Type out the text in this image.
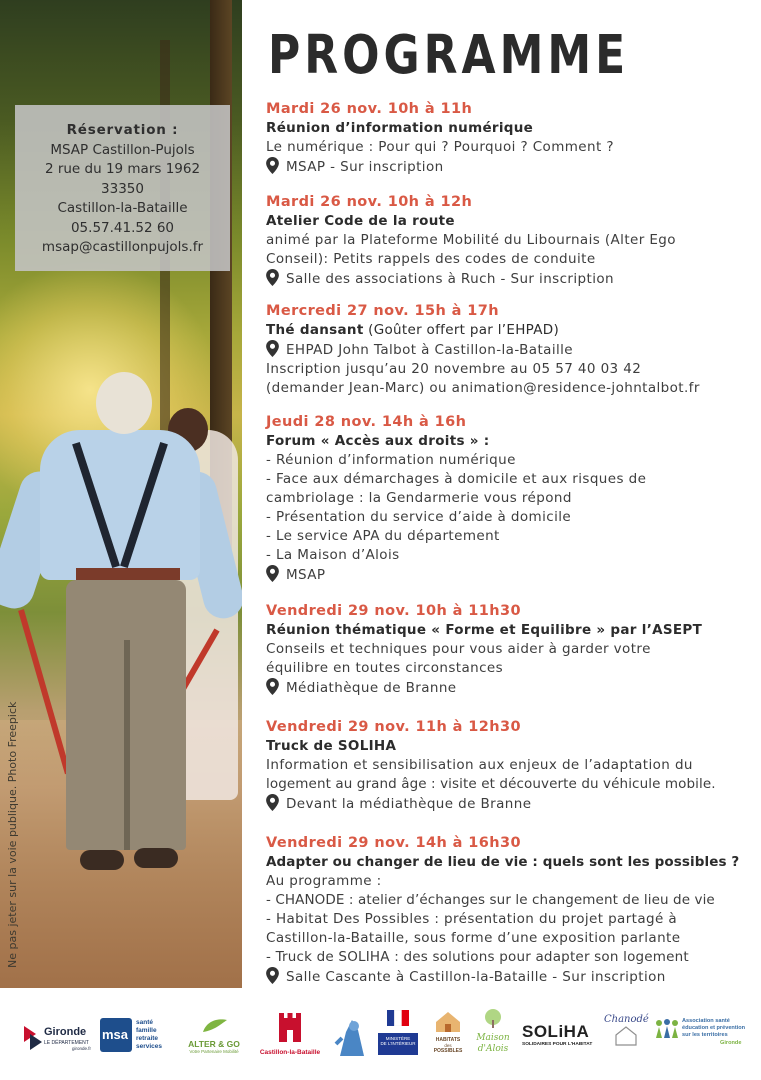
Ne pas jeter sur la voie publique. Photo Freepick
Réservation :
MSAP Castillon-Pujols
2 rue du 19 mars 1962
33350
Castillon-la-Bataille
05.57.41.52 60
msap@castillonpujols.fr
PROGRAMME
Mardi 26 nov. 10h à 11h
Réunion d’information numérique
Le numérique : Pour qui ? Pourquoi ? Comment ?
MSAP - Sur inscription
Mardi 26 nov. 10h à 12h
Atelier Code de la route
animé par la Plateforme Mobilité du Libournais (Alter Ego
Conseil): Petits rappels des codes de conduite
Salle des associations à Ruch - Sur inscription
Mercredi 27 nov. 15h à 17h
Thé dansant (Goûter offert par l’EHPAD)
EHPAD John Talbot à Castillon-la-Bataille
Inscription jusqu’au 20 novembre au 05 57 40 03 42
(demander Jean-Marc) ou animation@residence-johntalbot.fr
Jeudi 28 nov. 14h à 16h
Forum « Accès aux droits » :
- Réunion d’information numérique
- Face aux démarchages à domicile et aux risques de
cambriolage : la Gendarmerie vous répond
- Présentation du service d’aide à domicile
- Le service APA du département
- La Maison d’Alois
MSAP
Vendredi 29 nov. 10h à 11h30
Réunion thématique « Forme et Equilibre » par l’ASEPT
Conseils et techniques pour vous aider à garder votre
équilibre en toutes circonstances
Médiathèque de Branne
Vendredi 29 nov. 11h à 12h30
Truck de SOLIHA
Information et sensibilisation aux enjeux de l’adaptation du
logement au grand âge : visite et découverte du véhicule mobile.
Devant la médiathèque de Branne
Vendredi 29 nov. 14h à 16h30
Adapter ou changer de lieu de vie : quels sont les possibles ?
Au programme :
- CHANODE : atelier d’échanges sur le changement de lieu de vie
- Habitat Des Possibles : présentation du projet partagé à
Castillon-la-Bataille, sous forme d’une exposition parlante
- Truck de SOLIHA : des solutions pour adapter son logement
Salle Cascante à Castillon-la-Bataille - Sur inscription
Gironde
LE DÉPARTEMENT
gironde.fr
msa
santé
famille
retraite
services	ALTER & GO
Votre Partenaire Mobilité	Castillon-la-Bataille
MINISTÈRE
DE L'INTÉRIEUR
HABITATS
des
POSSIBLES
Maison d'Alois
SOLiHA
SOLIDAIRES POUR L'HABITAT
Chanodé	Association santé
éducation et prévention
sur les territoires
Gironde
